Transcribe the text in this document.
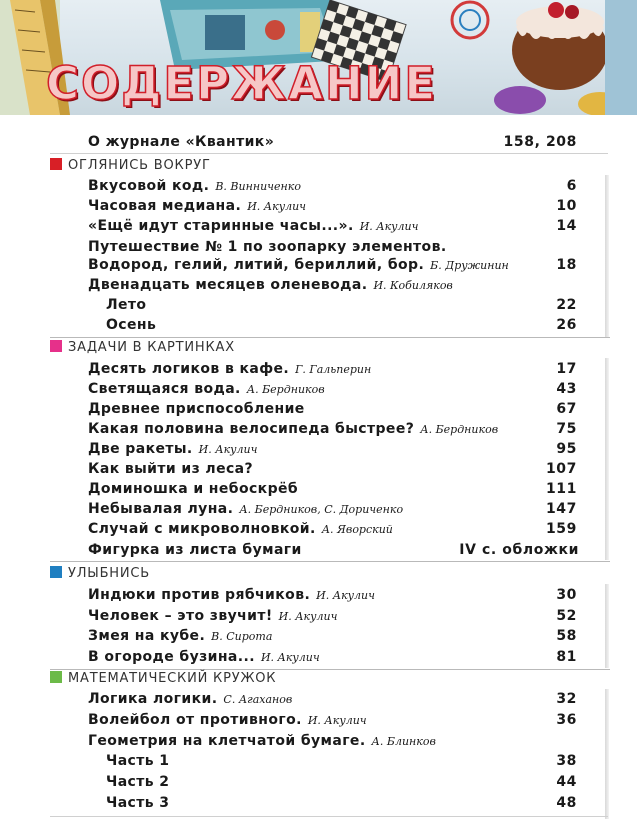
СОДЕРЖАНИЕ
О журнале «Квантик»	158, 208
ОГЛЯНИСЬ ВОКРУГ
Вкусовой код. В. Винниченко	6
Часовая медиана. И. Акулич	10
«Ещё идут старинные часы...». И. Акулич	14
Путешествие № 1 по зоопарку элементов.
Водород, гелий, литий, бериллий, бор. Б. Дружинин	18
Двенадцать месяцев оленевода. И. Кобиляков
Лето	22
Осень	26
ЗАДАЧИ В КАРТИНКАХ
Десять логиков в кафе. Г. Гальперин	17
Светящаяся вода. А. Бердников	43
Древнее приспособление	67
Какая половина велосипеда быстрее? А. Бердников	75
Две ракеты. И. Акулич	95
Как выйти из леса?	107
Доминошка и небоскрёб	111
Небывалая луна. А. Бердников, С. Дориченко	147
Случай с микроволновкой. А. Яворский	159
Фигурка из листа бумаги	IV с. обложки
УЛЫБНИСЬ
Индюки против рябчиков. И. Акулич	30
Человек – это звучит! И. Акулич	52
Змея на кубе. В. Сирота	58
В огороде бузина... И. Акулич	81
МАТЕМАТИЧЕСКИЙ КРУЖОК
Логика логики. С. Агаханов	32
Волейбол от противного. И. Акулич	36
Геометрия на клетчатой бумаге. А. Блинков
Часть 1	38
Часть 2	44
Часть 3	48
